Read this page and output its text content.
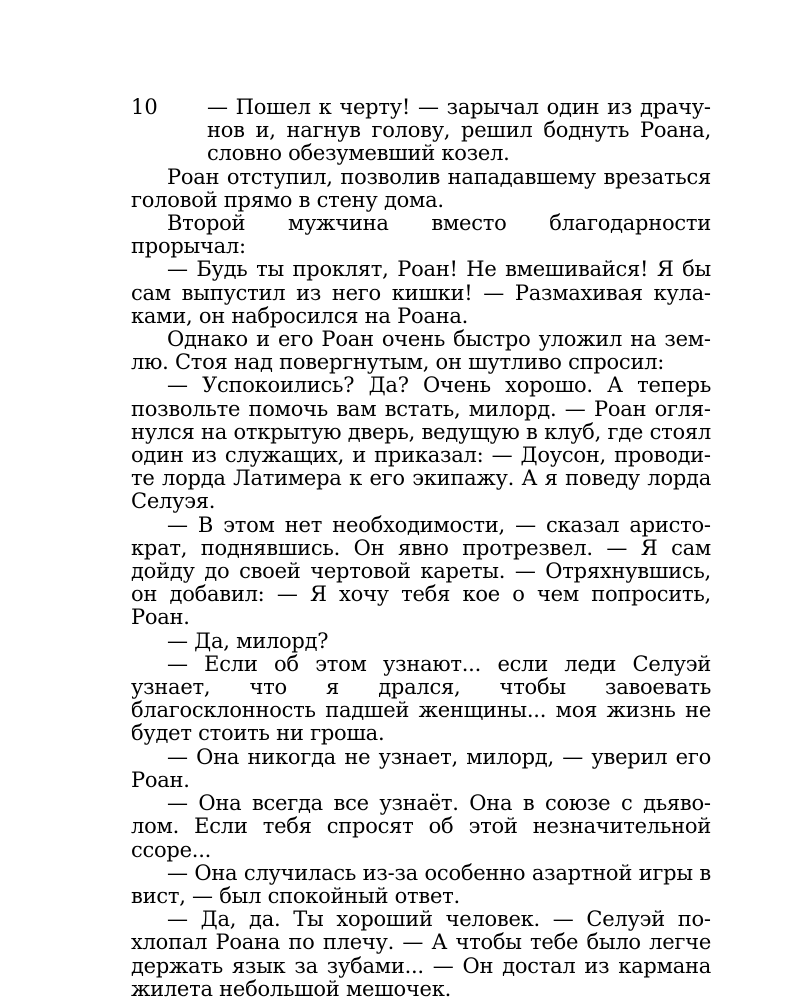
10 — Пошел к черту! — зарычал один из драчунов и, нагнув голову, решил боднуть Роана, словно обезумевший козел.

Роан отступил, позволив нападавшему врезаться головой прямо в стену дома.

Второй мужчина вместо благодарности прорычал:

— Будь ты проклят, Роан! Не вмешивайся! Я бы сам выпустил из него кишки! — Размахивая кулаками, он набросился на Роана.

Однако и его Роан очень быстро уложил на землю. Стоя над повергнутым, он шутливо спросил:

— Успокоились? Да? Очень хорошо. А теперь позвольте помочь вам встать, милорд. — Роан оглянулся на открытую дверь, ведущую в клуб, где стоял один из служащих, и приказал: — Доусон, проводите лорда Латимера к его экипажу. А я поведу лорда Селуэя.

— В этом нет необходимости, — сказал аристократ, поднявшись. Он явно протрезвел. — Я сам дойду до своей чертовой кареты. — Отряхнувшись, он добавил: — Я хочу тебя кое о чем попросить, Роан.

— Да, милорд?

— Если об этом узнают... если леди Селуэй узнает, что я дрался, чтобы завоевать благосклонность падшей женщины... моя жизнь не будет стоить ни гроша.

— Она никогда не узнает, милорд, — уверил его Роан.

— Она всегда все узнаёт. Она в союзе с дьяволом. Если тебя спросят об этой незначительной ссоре...

— Она случилась из-за особенно азартной игры в вист, — был спокойный ответ.

— Да, да. Ты хороший человек. — Селуэй похлопал Роана по плечу. — А чтобы тебе было легче держать язык за зубами... — Он достал из кармана жилета небольшой мешочек.
